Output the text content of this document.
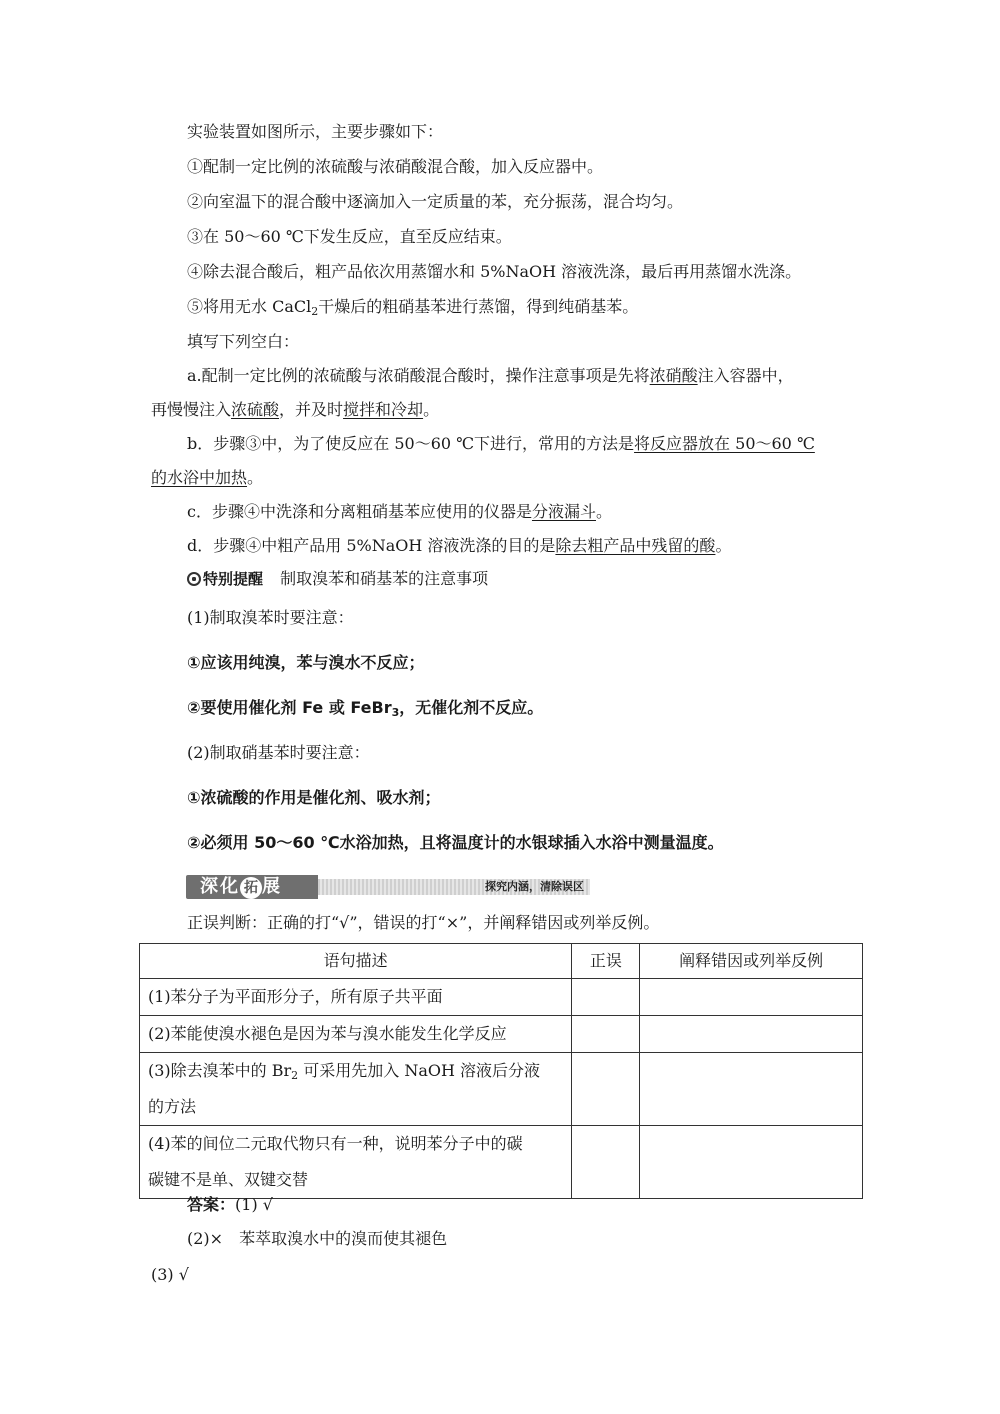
实验装置如图所示，主要步骤如下：
①配制一定比例的浓硫酸与浓硝酸混合酸，加入反应器中。
②向室温下的混合酸中逐滴加入一定质量的苯，充分振荡，混合均匀。
③在 50～60 ℃下发生反应，直至反应结束。
④除去混合酸后，粗产品依次用蒸馏水和 5%NaOH 溶液洗涤，最后再用蒸馏水洗涤。
⑤将用无水 CaCl$_2$干燥后的粗硝基苯进行蒸馏，得到纯硝基苯。
填写下列空白：
a.配制一定比例的浓硫酸与浓硝酸混合酸时，操作注意事项是先将浓硝酸注入容器中，
再慢慢注入浓硫酸，并及时搅拌和冷却。
b．步骤③中，为了使反应在 50～60 ℃下进行，常用的方法是将反应器放在 50～60 ℃
的水浴中加热。
c．步骤④中洗涤和分离粗硝基苯应使用的仪器是分液漏斗。
d．步骤④中粗产品用 5%NaOH 溶液洗涤的目的是除去粗产品中残留的酸。
特别提醒 制取溴苯和硝基苯的注意事项
(1)制取溴苯时要注意：
①应该用纯溴，苯与溴水不反应；
②要使用催化剂 Fe 或 FeBr$_3$，无催化剂不反应。
(2)制取硝基苯时要注意：
①浓硫酸的作用是催化剂、吸水剂；
②必须用 50～60 ℃水浴加热，且将温度计的水银球插入水浴中测量温度。
深化 拓 展	探究内涵，清除误区
正误判断：正确的打“√”，错误的打“×”，并阐释错因或列举反例。
语句描述	正误	阐释错因或列举反例
(1)苯分子为平面形分子，所有原子共平面		
(2)苯能使溴水褪色是因为苯与溴水能发生化学反应		
(3)除去溴苯中的 $Br_2$ 可采用先加入 NaOH 溶液后分液
的方法		
(4)苯的间位二元取代物只有一种，说明苯分子中的碳
碳键不是单、双键交替		
答案：(1) √
(2)×　苯萃取溴水中的溴而使其褪色
(3) √
